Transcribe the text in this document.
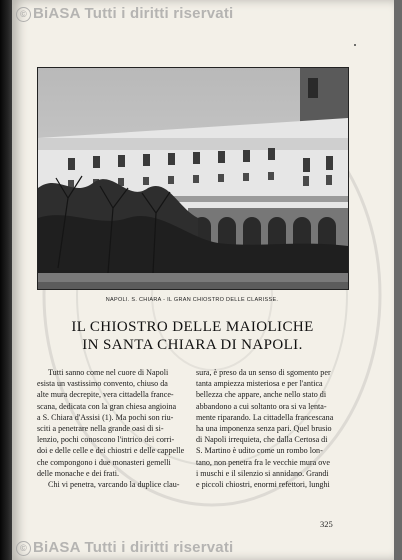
© BiASA Tutti i diritti riservati
NAPOLI. S. CHIARA - IL GRAN CHIOSTRO DELLE CLARISSE.
IL CHIOSTRO DELLE MAIOLICHE
IN SANTA CHIARA DI NAPOLI.
Tutti sanno come nel cuore di Napoli
esista un vastissimo convento, chiuso da
alte mura decrepite, vera cittadella france-
scana, dedicata con la gran chiesa angioina
a S. Chiara d'Assisi (1). Ma pochi son riu-
sciti a penetrare nella grande oasi di si-
lenzio, pochi conoscono l'intrico dei corri-
doi e delle celle e dei chiostri e delle cappelle
che compongono i due monasteri gemelli
delle monache e dei frati.
Chi vi penetra, varcando la duplice clau-
sura, è preso da un senso di sgomento per
tanta ampiezza misteriosa e per l'antica
bellezza che appare, anche nello stato di
abbandono a cui soltanto ora si va lenta-
mente riparando. La cittadella francescana
ha una imponenza senza pari. Quel brusio
di Napoli irrequieta, che dalla Certosa di
S. Martino è udito come un rombo lon-
tano, non penetra fra le vecchie mura ove
i muschi e il silenzio si annidano. Grandi
e piccoli chiostri, enormi refettori, lunghi
325
© BiASA Tutti i diritti riservati
